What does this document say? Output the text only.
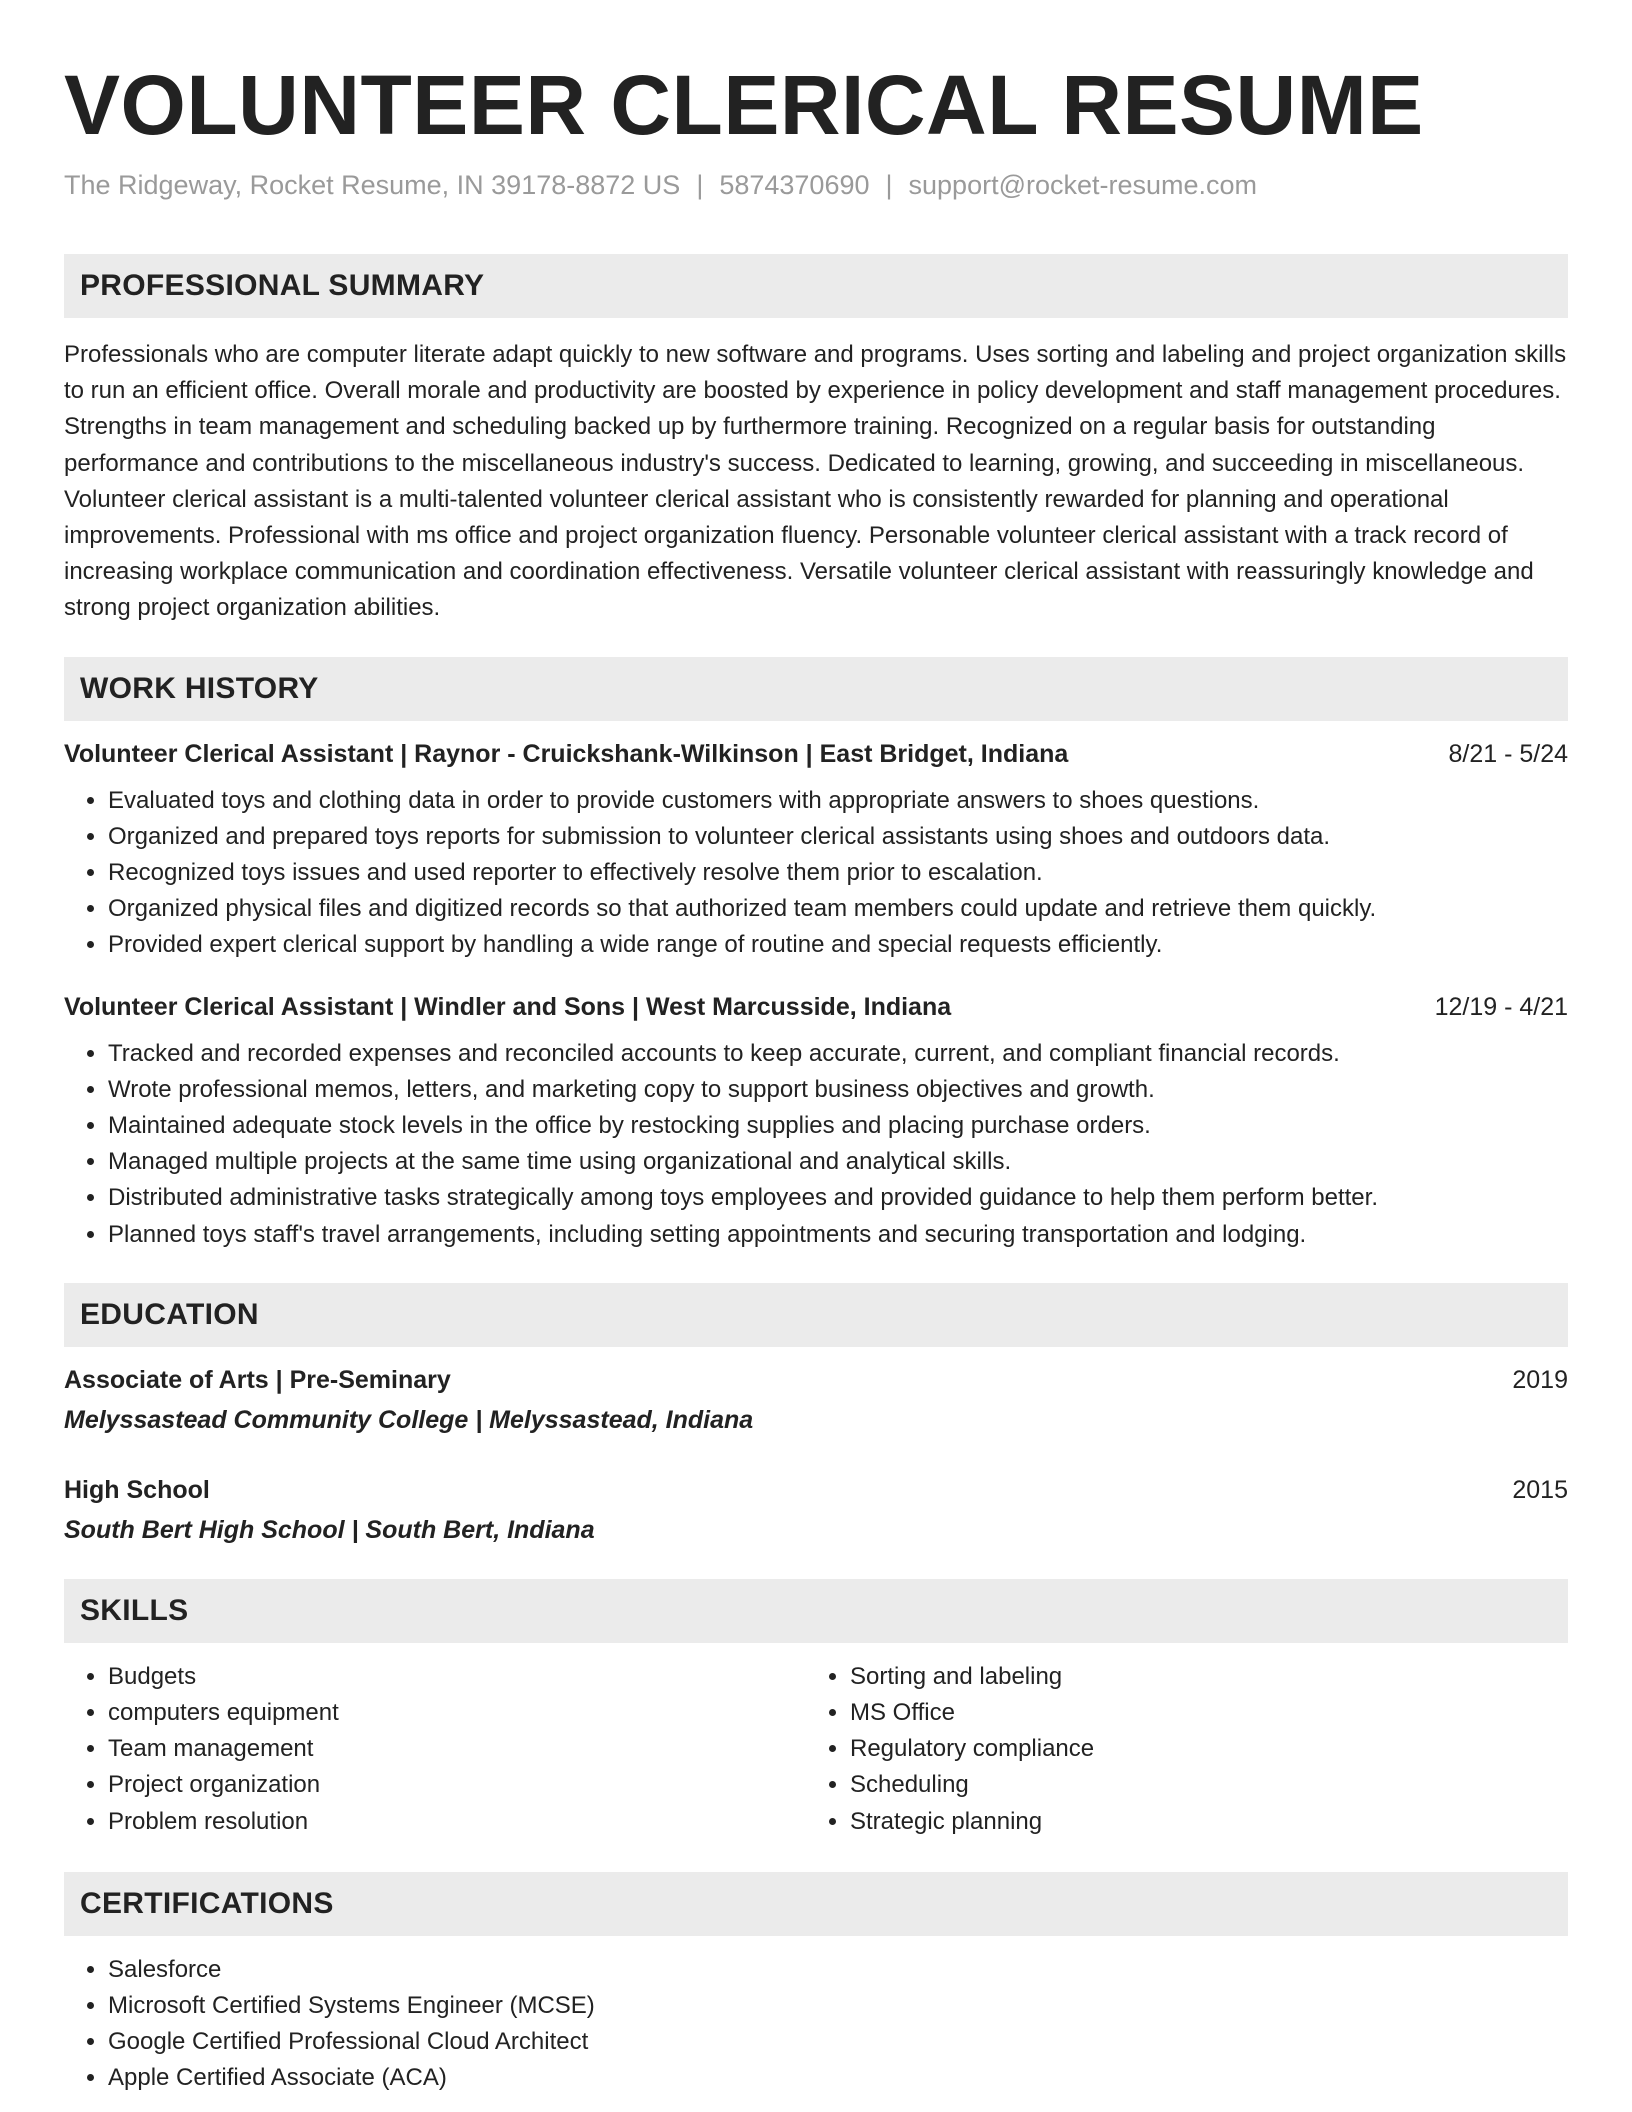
VOLUNTEER CLERICAL RESUME
The Ridgeway, Rocket Resume, IN 39178-8872 US | 5874370690 | support@rocket-resume.com
PROFESSIONAL SUMMARY

Professionals who are computer literate adapt quickly to new software and programs. Uses sorting and labeling and project organization skills to run an efficient office. Overall morale and productivity are boosted by experience in policy development and staff management procedures. Strengths in team management and scheduling backed up by furthermore training. Recognized on a regular basis for outstanding performance and contributions to the miscellaneous industry's success. Dedicated to learning, growing, and succeeding in miscellaneous. Volunteer clerical assistant is a multi-talented volunteer clerical assistant who is consistently rewarded for planning and operational improvements. Professional with ms office and project organization fluency. Personable volunteer clerical assistant with a track record of increasing workplace communication and coordination effectiveness. Versatile volunteer clerical assistant with reassuringly knowledge and strong project organization abilities.

WORK HISTORY
Volunteer Clerical Assistant | Raynor - Cruickshank-Wilkinson | East Bridget, Indiana	8/21 - 5/24
• Evaluated toys and clothing data in order to provide customers with appropriate answers to shoes questions.
• Organized and prepared toys reports for submission to volunteer clerical assistants using shoes and outdoors data.
• Recognized toys issues and used reporter to effectively resolve them prior to escalation.
• Organized physical files and digitized records so that authorized team members could update and retrieve them quickly.
• Provided expert clerical support by handling a wide range of routine and special requests efficiently.
Volunteer Clerical Assistant | Windler and Sons | West Marcusside, Indiana	12/19 - 4/21
• Tracked and recorded expenses and reconciled accounts to keep accurate, current, and compliant financial records.
• Wrote professional memos, letters, and marketing copy to support business objectives and growth.
• Maintained adequate stock levels in the office by restocking supplies and placing purchase orders.
• Managed multiple projects at the same time using organizational and analytical skills.
• Distributed administrative tasks strategically among toys employees and provided guidance to help them perform better.
• Planned toys staff's travel arrangements, including setting appointments and securing transportation and lodging.
EDUCATION
Associate of Arts | Pre-Seminary	2019
Melyssastead Community College | Melyssastead, Indiana
High School	2015
South Bert High School | South Bert, Indiana
SKILLS
• Budgets
• computers equipment
• Team management
• Project organization
• Problem resolution
• Sorting and labeling
• MS Office
• Regulatory compliance
• Scheduling
• Strategic planning
CERTIFICATIONS
• Salesforce
• Microsoft Certified Systems Engineer (MCSE)
• Google Certified Professional Cloud Architect
• Apple Certified Associate (ACA)
